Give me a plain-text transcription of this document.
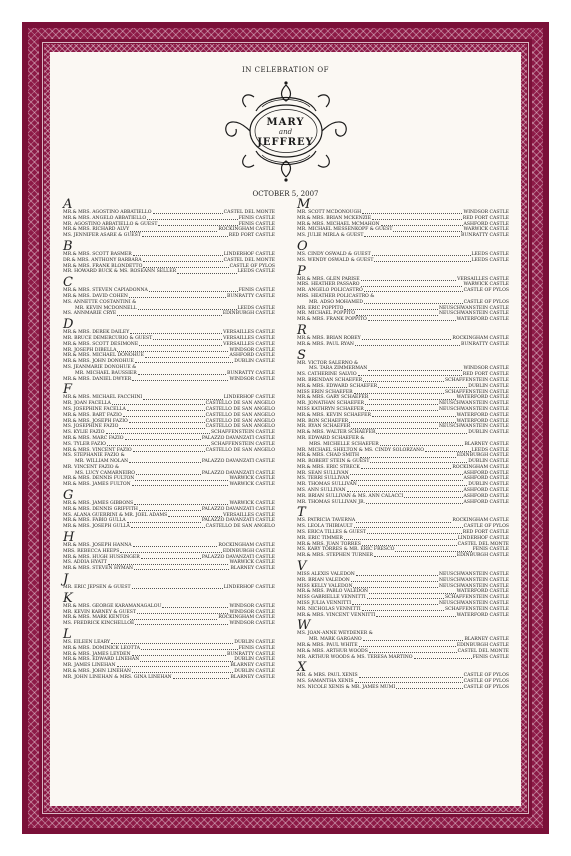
IN CELEBRATION OF
MARY
and
JEFFREY
OCTOBER 5, 2007
A
MR.& MRS. AGOSTINO ABBATIELLO	CASTEL DEL MONTE
MR.& MRS. ANGELO ABBATIELLO	FENIS CASTLE
MR. AGOSTINO ABBATIELLO & GUEST	FENIS CASTLE
MR.& MRS. RICHARD ALVY	ROCKINGHAM CASTLE
MS. JENNIFER ASARE & GUEST	RED FORT CASTLE
B
MR.& MRS. SCOTT BASMER	LINDERHOF CASTLE
DR.& MRS. ANTHONY BARBARA	CASTEL DEL MONTE
MR.& MRS. FRANK BLONDETTO	CASTLE OF PYLOS
MR. HOWARD BUCK & MS. ROSEANN SELLER	LEEDS CASTLE
C
MR.& MRS. STEVEN CAPIADONNA	FENIS CASTLE
MR.& MRS. DAVID COHEN	BUNRATTY CASTLE
MS. ANNETTE COSTANTINI &
MR. KEVIN MCDONNELL	LEEDS CASTLE
MS. ANNMARIE CRYE	EDINBURGH CASTLE
D
MR.& MRS. DEREK DAILEY	VERSAILLES CASTLE
MR. BRUCE DEMERCURIO & GUEST	VERSAILLES CASTLE
MR.& MRS. SCOTT DESIMONE	VERSAILLES CASTLE
MR. JOSEPH DIBELLA	WINDSOR CASTLE
MR.& MRS. MICHAEL DONOHUE	ASHFORD CASTLE
MR.& MRS. JOHN DONOHUE	DUBLIN CASTLE
MS. JEANMARIE DONOHUE &
MR. MICHAEL BAUSSIER	BUNRATTY CASTLE
MR.& MRS. DANIEL DWYER	WINDSOR CASTLE
F
MR.& MRS. MICHAEL FACCHINI	LINDERHOF CASTLE
MR. JOAN FACELLA	CASTELLO DE SAN ANGELO
MS. JOSEPHINE FACELLA	CASTELLO DE SAN ANGELO
MR.& MRS. BART FAZIO	CASTELLO DE SAN ANGELO
MR.& MRS. JOSEPH FAZIO	CASTELLO DE SAN ANGELO
MS. JOSEPHINE FAZIO	CASTELLO DE SAN ANGELO
MS. KYLIE FAZIO	SCHAFFENSTEIN CASTLE
MR.& MRS. MARC FAZIO	PALAZZO DAVANZATI CASTLE
MS. TYLER FAZIO	SCHAFFENSTEIN CASTLE
MR.& MRS. VINCENT FAZIO	CASTELLO DE SAN ANGELO
MS. STEPHANIE FAZIO &
MR. WILLIAM NOLAN	PALAZZO DAVANZATI CASTLE
MR. VINCENT FAZIO &
MS. LUCY CAMARNEIRO	PALAZZO DAVANZATI CASTLE
MR.& MRS. DENNIS FULTON	WARWICK CASTLE
MR.& MRS. JAMES FULTON	WARWICK CASTLE
G
MR.& MRS. JAMES GIBBONS	WARWICK CASTLE
MR.& MRS. DENNIS GRIFFITH	PALAZZO DAVANZATI CASTLE
MS. ALANA GUERRINI & MR. JOEL ADAMS	VERSAILLES CASTLE
MR.& MRS. FABIO GULLA	PALAZZO DAVANZATI CASTLE
MR.& MRS. JOSEPH GULLA	CASTELLO DE SAN ANGELO
H
MR.& MRS. JOSEPH HANNA	ROCKINGHAM CASTLE
MRS. REBECCA HEEPS	EDINBURGH CASTLE
MR.& MRS. HUGH HUSSINGER	PALAZZO DAVANZATI CASTLE
MS. ADDIA HYATT	WARWICK CASTLE
MR.& MRS. STEVEN HYMAN	BLARNEY CASTLE
J
MR. ERIC JEPSEN & GUEST	LINDERHOF CASTLE
K
MR.& MRS. GEORGE KARAMANAGALOU	WINDSOR CASTLE
MR. KEVIN KARNEY & GUEST	WINDSOR CASTLE
MR.& MRS. MARK KENTOS	ROCKINGHAM CASTLE
MS. FREDRICK KINCHELLOE	WINDSOR CASTLE
L
MS. EILEEN LEARY	DUBLIN CASTLE
MR.& MRS. DOMINICK LEOTTA	FENIS CASTLE
MR.& MRS. JAMES LEYDEN	BUNRATTY CASTLE
MR.& MRS. EDWARD LINEHAN	DUBLIN CASTLE
MR. JAMES LINEHAN	BLARNEY CASTLE
MR.& MRS. JOHN LINEHAN	DUBLIN CASTLE
MR. JOHN LINEHAN & MRS. GINA LINEHAN	BLARNEY CASTLE
M
MR. SCOTT MCDONOUGH	WINDSOR CASTLE
MR.& MRS. BRIAN MCKENZIE	RED FORT CASTLE
MR.& MRS. MICHAEL MCMAHON	ASHFORD CASTLE
MR. MICHAEL MESSENKOPF & GUEST	WARWICK CASTLE
MS. JULIE MIRLA & GUEST	BUNRATTY CASTLE
O
MS. CINDY OSWALD & GUEST	LEEDS CASTLE
MS. WENDY OSWALD & GUEST	LEEDS CASTLE
P
MR.& MRS. GLEN PARISE	VERSAILLES CASTLE
MRS. HEATHER PASSARO	WARWICK CASTLE
MR. ANGELO POLICASTRO	CASTLE OF PYLOS
MRS. HEATHER POLICASTRO &
MR. ADSO MOHAMED	CASTLE OF PYLOS
MR. ERIC POPPITO	NEUSCHWANSTEIN CASTLE
MR. MICHAEL POPPITO	NEUSCHWANSTEIN CASTLE
MR.& MRS. FRANK POPPITO	WATERFORD CASTLE
R
MR.& MRS. BRIAN ROBEY	ROCKINGHAM CASTLE
MR.& MRS. PAUL RYAN	BUNRATTY CASTLE
S
MR. VICTOR SALERNO &
MS. TARA ZIMMERMAN	WINDSOR CASTLE
MS. CATHERINE SALVIO	RED FORT CASTLE
MR. BRENDAN SCHAEFER	SCHAFFENSTEIN CASTLE
MR.& MRS. EDWARD SCHAEFER	DUBLIN CASTLE
MISS ERIN SCHAEFER	SCHAFFENSTEIN CASTLE
MR.& MRS. GARY SCHAEFER	WATERFORD CASTLE
MR. JONATHAN SCHAEFER	NEUSCHWANSTEIN CASTLE
MISS KATHRYN SCHAEFER	NEUSCHWANSTEIN CASTLE
MR.& MRS. KEVIN SCHAEFER	WATERFORD CASTLE
MR. RON SCHAEFER	WATERFORD CASTLE
MR. RYAN SCHAEFER	NEUSCHWANSTEIN CASTLE
MR.& MRS. WALTER SCHAEFER	DUBLIN CASTLE
MR. EDWARD SCHAEFER &
MRS. MICHELLE SCHAEFER	BLARNEY CASTLE
MR. MICHAEL SHELTON & MS. CINDY SOLORZANO	LEEDS CASTLE
MR.& MRS. CHAD SMITH	EDINBURGH CASTLE
MR. ROBERT STEIN & GUEST	DUBLIN CASTLE
MR.& MRS. ERIC STRECK	ROCKINGHAM CASTLE
MR. SEAN SULLIVAN	ASHFORD CASTLE
MS. TERRI SULLIVAN	ASHFORD CASTLE
MR. THOMAS SULLIVAN	DUBLIN CASTLE
MS. ANN SULLIVAN	ASHFORD CASTLE
MR. BRIAN SULLIVAN & MS. ANN CALACCI	ASHFORD CASTLE
MR. THOMAS SULLIVAN JR.	ASHFORD CASTLE
T
MS. PATRICIA TAVERNA	ROCKINGHAM CASTLE
MS. LEOLA THIBIAULT	CASTLE OF PYLOS
MS. ERICA TILLES & GUEST	RED FORT CASTLE
MR. ERIC TIMMER	LINDERHOF CASTLE
MR.& MRS. JUAN TORRES	CASTEL DEL MONTE
MS. KARY TORRES & MR. ERIC FRESCO	FENIS CASTLE
MR.& MRS. STEPHEN TURNER	EDINBURGH CASTLE
V
MISS ALEXIS VALEDON	NEUSCHWANSTEIN CASTLE
MR. BRIAN VALEDON	NEUSCHWANSTEIN CASTLE
MISS KELLY VALEDON	NEUSCHWANSTEIN CASTLE
MR.& MRS. PABLO VALEDON	WATERFORD CASTLE
MISS GABRIELLE VENNITTI	SCHAFFENSTEIN CASTLE
MISS JULIA VENNITTI	NEUSCHWANSTEIN CASTLE
MR. NICHOLAS VENNITTI	SCHAFFENSTEIN CASTLE
MR.& MRS. VINCENT VENNITTI	WATERFORD CASTLE
W
MS. JOAN-ANNE WEYDENER &
MR. MARK GARGANO	BLARNEY CASTLE
MR.& MRS. PAUL WHITE	EDINBURGH CASTLE
MR.& MRS. ARTHUR WOODS	CASTEL DEL MONTE
MR. ARTHUR WOODS & MS. TERESA MARTINO	FENIS CASTLE
X
MR. & MRS. PAUL XENIS	CASTLE OF PYLOS
MS. SAMANTHA XENIS	CASTLE OF PYLOS
MS. NICOLE XENIS & MR. JAMES MUMI	CASTLE OF PYLOS
